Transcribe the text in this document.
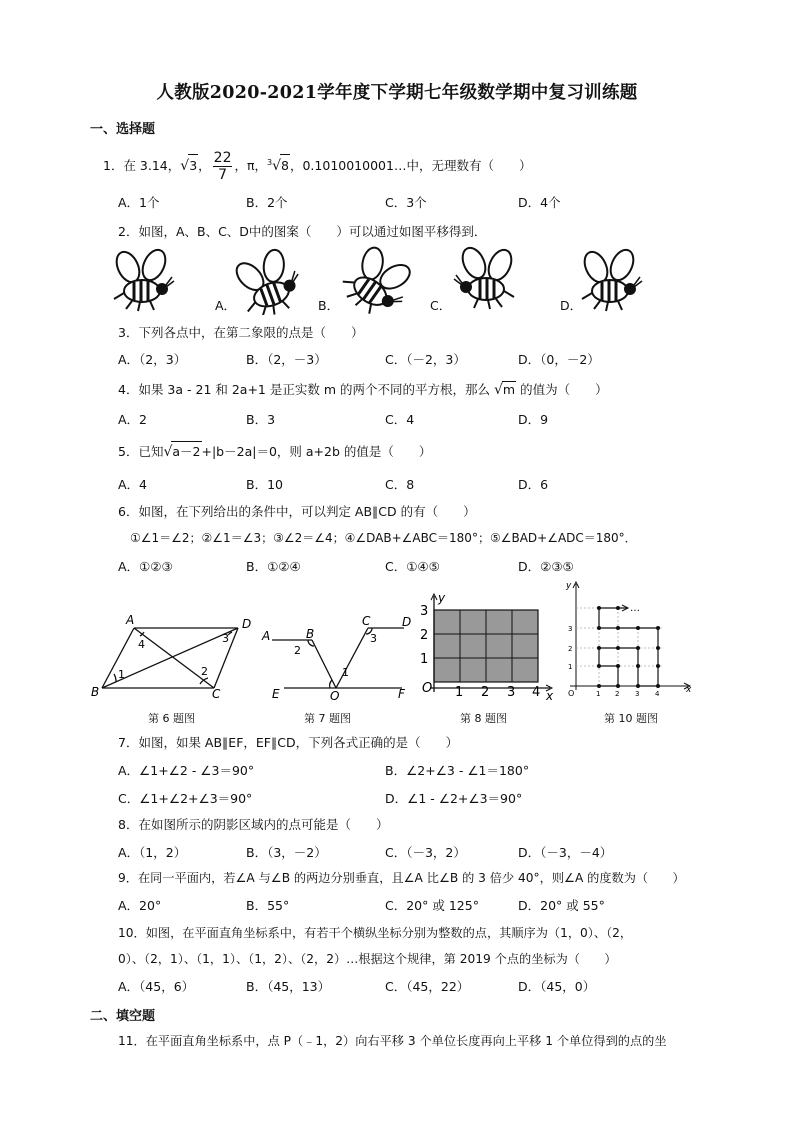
人教版2020-2021学年度下学期七年级数学期中复习训练题
一、选择题
1．在 3.14，√3， $\frac{22}{7}$ ，π，$^3$√8，0.1010010001…中，无理数有（　　）
A．1个	B．2个	C．3个	D．4个
2．如图，A、B、C、D中的图案（　　）可以通过如图平移得到．
A．	B．	C．	D．
3．下列各点中，在第二象限的点是（　　）
A．（2，3）	B．（2，－3）	C．（－2，3）	D．（0，－2）
4．如果 3a - 21 和 2a+1 是正实数 m 的两个不同的平方根，那么 √m 的值为（　　）
A．2	B．3	C．4	D．9
5．已知√a－2+|b－2a|＝0，则 a+2b 的值是（　　）
A．4	B．10	C．8	D．6
6．如图，在下列给出的条件中，可以判定 AB∥CD 的有（　　）
①∠1＝∠2；②∠1＝∠3；③∠2＝∠4；④∠DAB+∠ABC＝180°；⑤∠BAD+∠ADC＝180°．
A．①②③	B．①②④	C．①④⑤	D．②③⑤
A
B	C
D
1	2
3
4
第 6 题图
A	B
C	D
E	F
O
1
2
3
第 7 题图
y
x
O 1 2 3 4
1
2
3
第 8 题图
…
y
x
O	1 2 3 4
1
2
3
第 10 题图
7．如图，如果 AB∥EF，EF∥CD，下列各式正确的是（　　）
A．∠1+∠2 - ∠3＝90°	B．∠2+∠3 - ∠1＝180°
C．∠1+∠2+∠3＝90°	D．∠1 - ∠2+∠3＝90°
8．在如图所示的阴影区域内的点可能是（　　）
A．（1，2）	B．（3，－2）	C．（－3，2）	D．（－3，－4）
9．在同一平面内，若∠A 与∠B 的两边分别垂直，且∠A 比∠B 的 3 倍少 40°，则∠A 的度数为（　　）
A．20°	B．55°	C．20° 或 125°	D．20° 或 55°
10．如图，在平面直角坐标系中，有若干个横纵坐标分别为整数的点，其顺序为（1，0）、（2，
0）、（2，1）、（1，1）、（1，2）、（2，2）…根据这个规律，第 2019 个点的坐标为（　　）
A．（45，6）	B．（45，13）	C．（45，22）	D．（45，0）
二、填空题
11．在平面直角坐标系中，点 P（﹣1，2）向右平移 3 个单位长度再向上平移 1 个单位得到的点的坐
